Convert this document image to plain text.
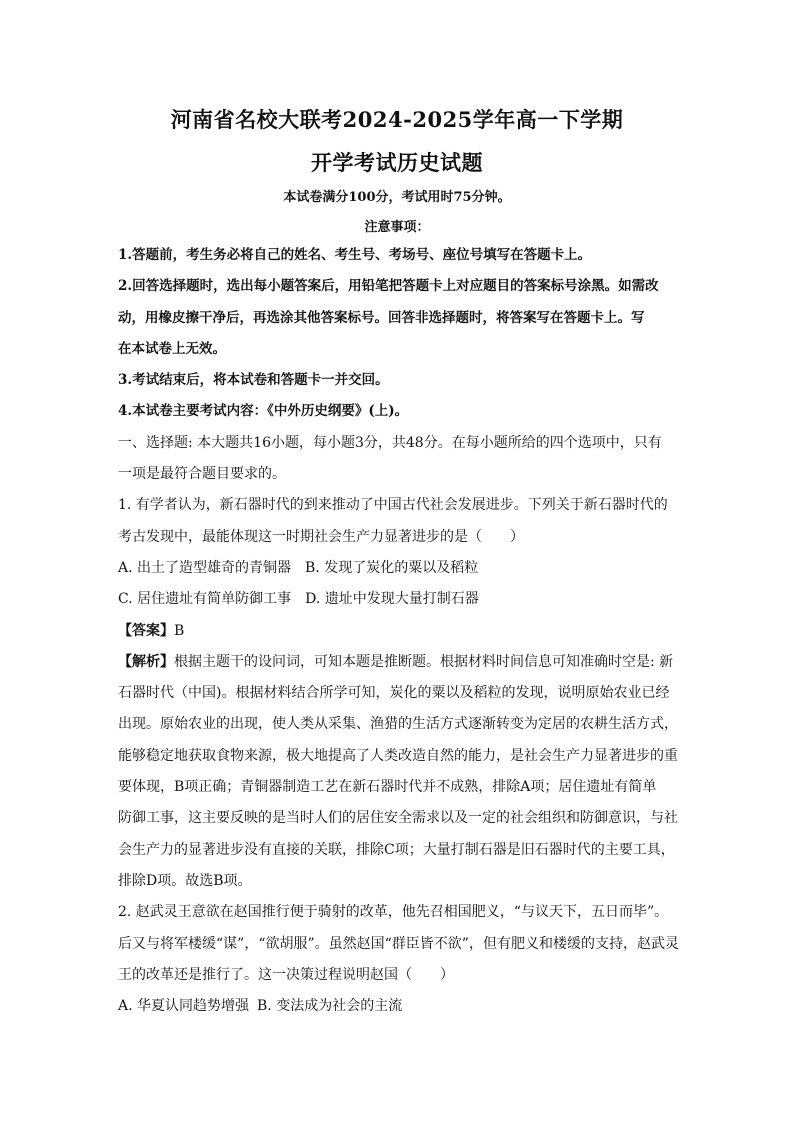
河南省名校大联考2024-2025学年高一下学期
开学考试历史试题
本试卷满分100分，考试用时75分钟。
注意事项：
1.答题前，考生务必将自己的姓名、考生号、考场号、座位号填写在答题卡上。
2.回答选择题时，选出每小题答案后，用铅笔把答题卡上对应题目的答案标号涂黑。如需改
动，用橡皮擦干净后，再选涂其他答案标号。回答非选择题时，将答案写在答题卡上。写
在本试卷上无效。
3.考试结束后，将本试卷和答题卡一并交回。
4.本试卷主要考试内容：《中外历史纲要》(上)。
一、选择题: 本大题共16小题，每小题3分，共48分。在每小题所给的四个选项中，只有
一项是最符合题目要求的。
1. 有学者认为，新石器时代的到来推动了中国古代社会发展进步。下列关于新石器时代的
考古发现中，最能体现这一时期社会生产力显著进步的是（　　）
A. 出土了造型雄奇的青铜器 B. 发现了炭化的粟以及稻粒
C. 居住遗址有简单防御工事 D. 遗址中发现大量打制石器
【答案】B
【解析】根据主题干的设问词，可知本题是推断题。根据材料时间信息可知准确时空是: 新
石器时代（中国)。根据材料结合所学可知，炭化的粟以及稻粒的发现，说明原始农业已经
出现。原始农业的出现，使人类从采集、渔猎的生活方式逐渐转变为定居的农耕生活方式，
能够稳定地获取食物来源，极大地提高了人类改造自然的能力，是社会生产力显著进步的重
要体现，B项正确；青铜器制造工艺在新石器时代并不成熟，排除A项；居住遗址有简单
防御工事，这主要反映的是当时人们的居住安全需求以及一定的社会组织和防御意识，与社
会生产力的显著进步没有直接的关联，排除C项；大量打制石器是旧石器时代的主要工具，
排除D项。故选B项。
2. 赵武灵王意欲在赵国推行便于骑射的改革，他先召相国肥义，“与议天下，五日而毕”。
后又与将军楼缓“谋”，“欲胡服”。虽然赵国“群臣皆不欲”，但有肥义和楼缓的支持，赵武灵
王的改革还是推行了。这一决策过程说明赵国（　　）
A. 华夏认同趋势增强 B. 变法成为社会的主流
